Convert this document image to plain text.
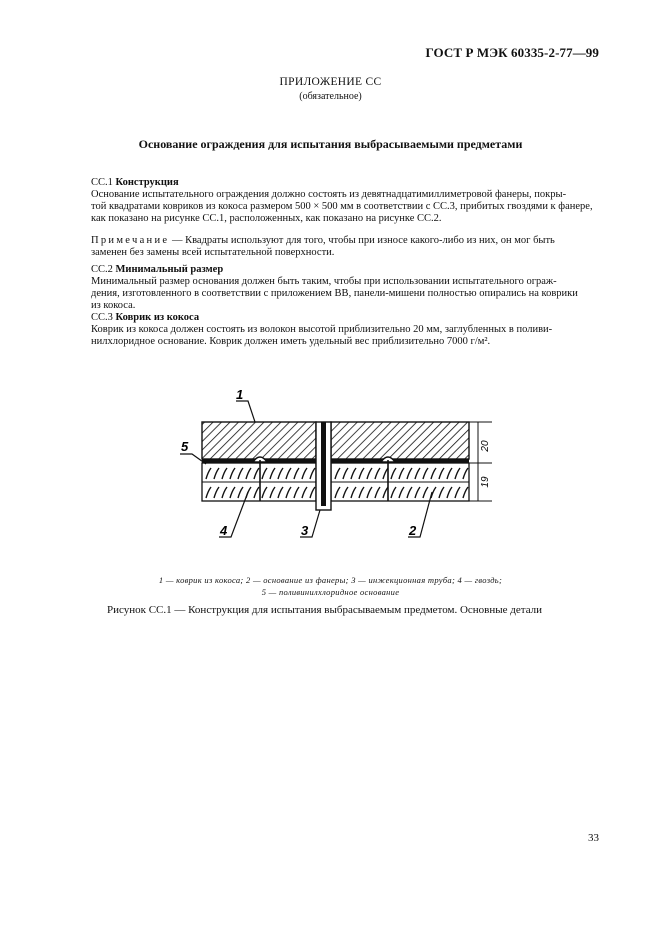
ГОСТ Р МЭК 60335-2-77—99
ПРИЛОЖЕНИЕ СС
(обязательное)
Основание ограждения для испытания выбрасываемыми предметами
СС.1 Конструкция
Основание испытательного ограждения должно состоять из девятнадцатимиллиметровой фанеры, покры-
той квадратами ковриков из кокоса размером 500 × 500 мм в соответствии с СС.3, прибитых гвоздями к фанере,
как показано на рисунке СС.1, расположенных, как показано на рисунке СС.2.
Примечание — Квадраты используют для того, чтобы при износе какого-либо из них, он мог быть
заменен без замены всей испытательной поверхности.
СС.2 Минимальный размер
Минимальный размер основания должен быть таким, чтобы при использовании испытательного ограж-
дения, изготовленного в соответствии с приложением ВВ, панели-мишени полностью опирались на коврики
из кокоса.
СС.3 Коврик из кокоса
Коврик из кокоса должен состоять из волокон высотой приблизительно 20 мм, заглубленных в поливи-
нилхлоридное основание. Коврик должен иметь удельный вес приблизительно 7000 г/м².
20
19
1
5
4	3	2
1 — коврик из кокоса; 2 — основание из фанеры; 3 — инжекционная труба; 4 — гвоздь;
5 — поливинилхлоридное основание
Рисунок СС.1 — Конструкция для испытания выбрасываемым предметом. Основные детали
33
